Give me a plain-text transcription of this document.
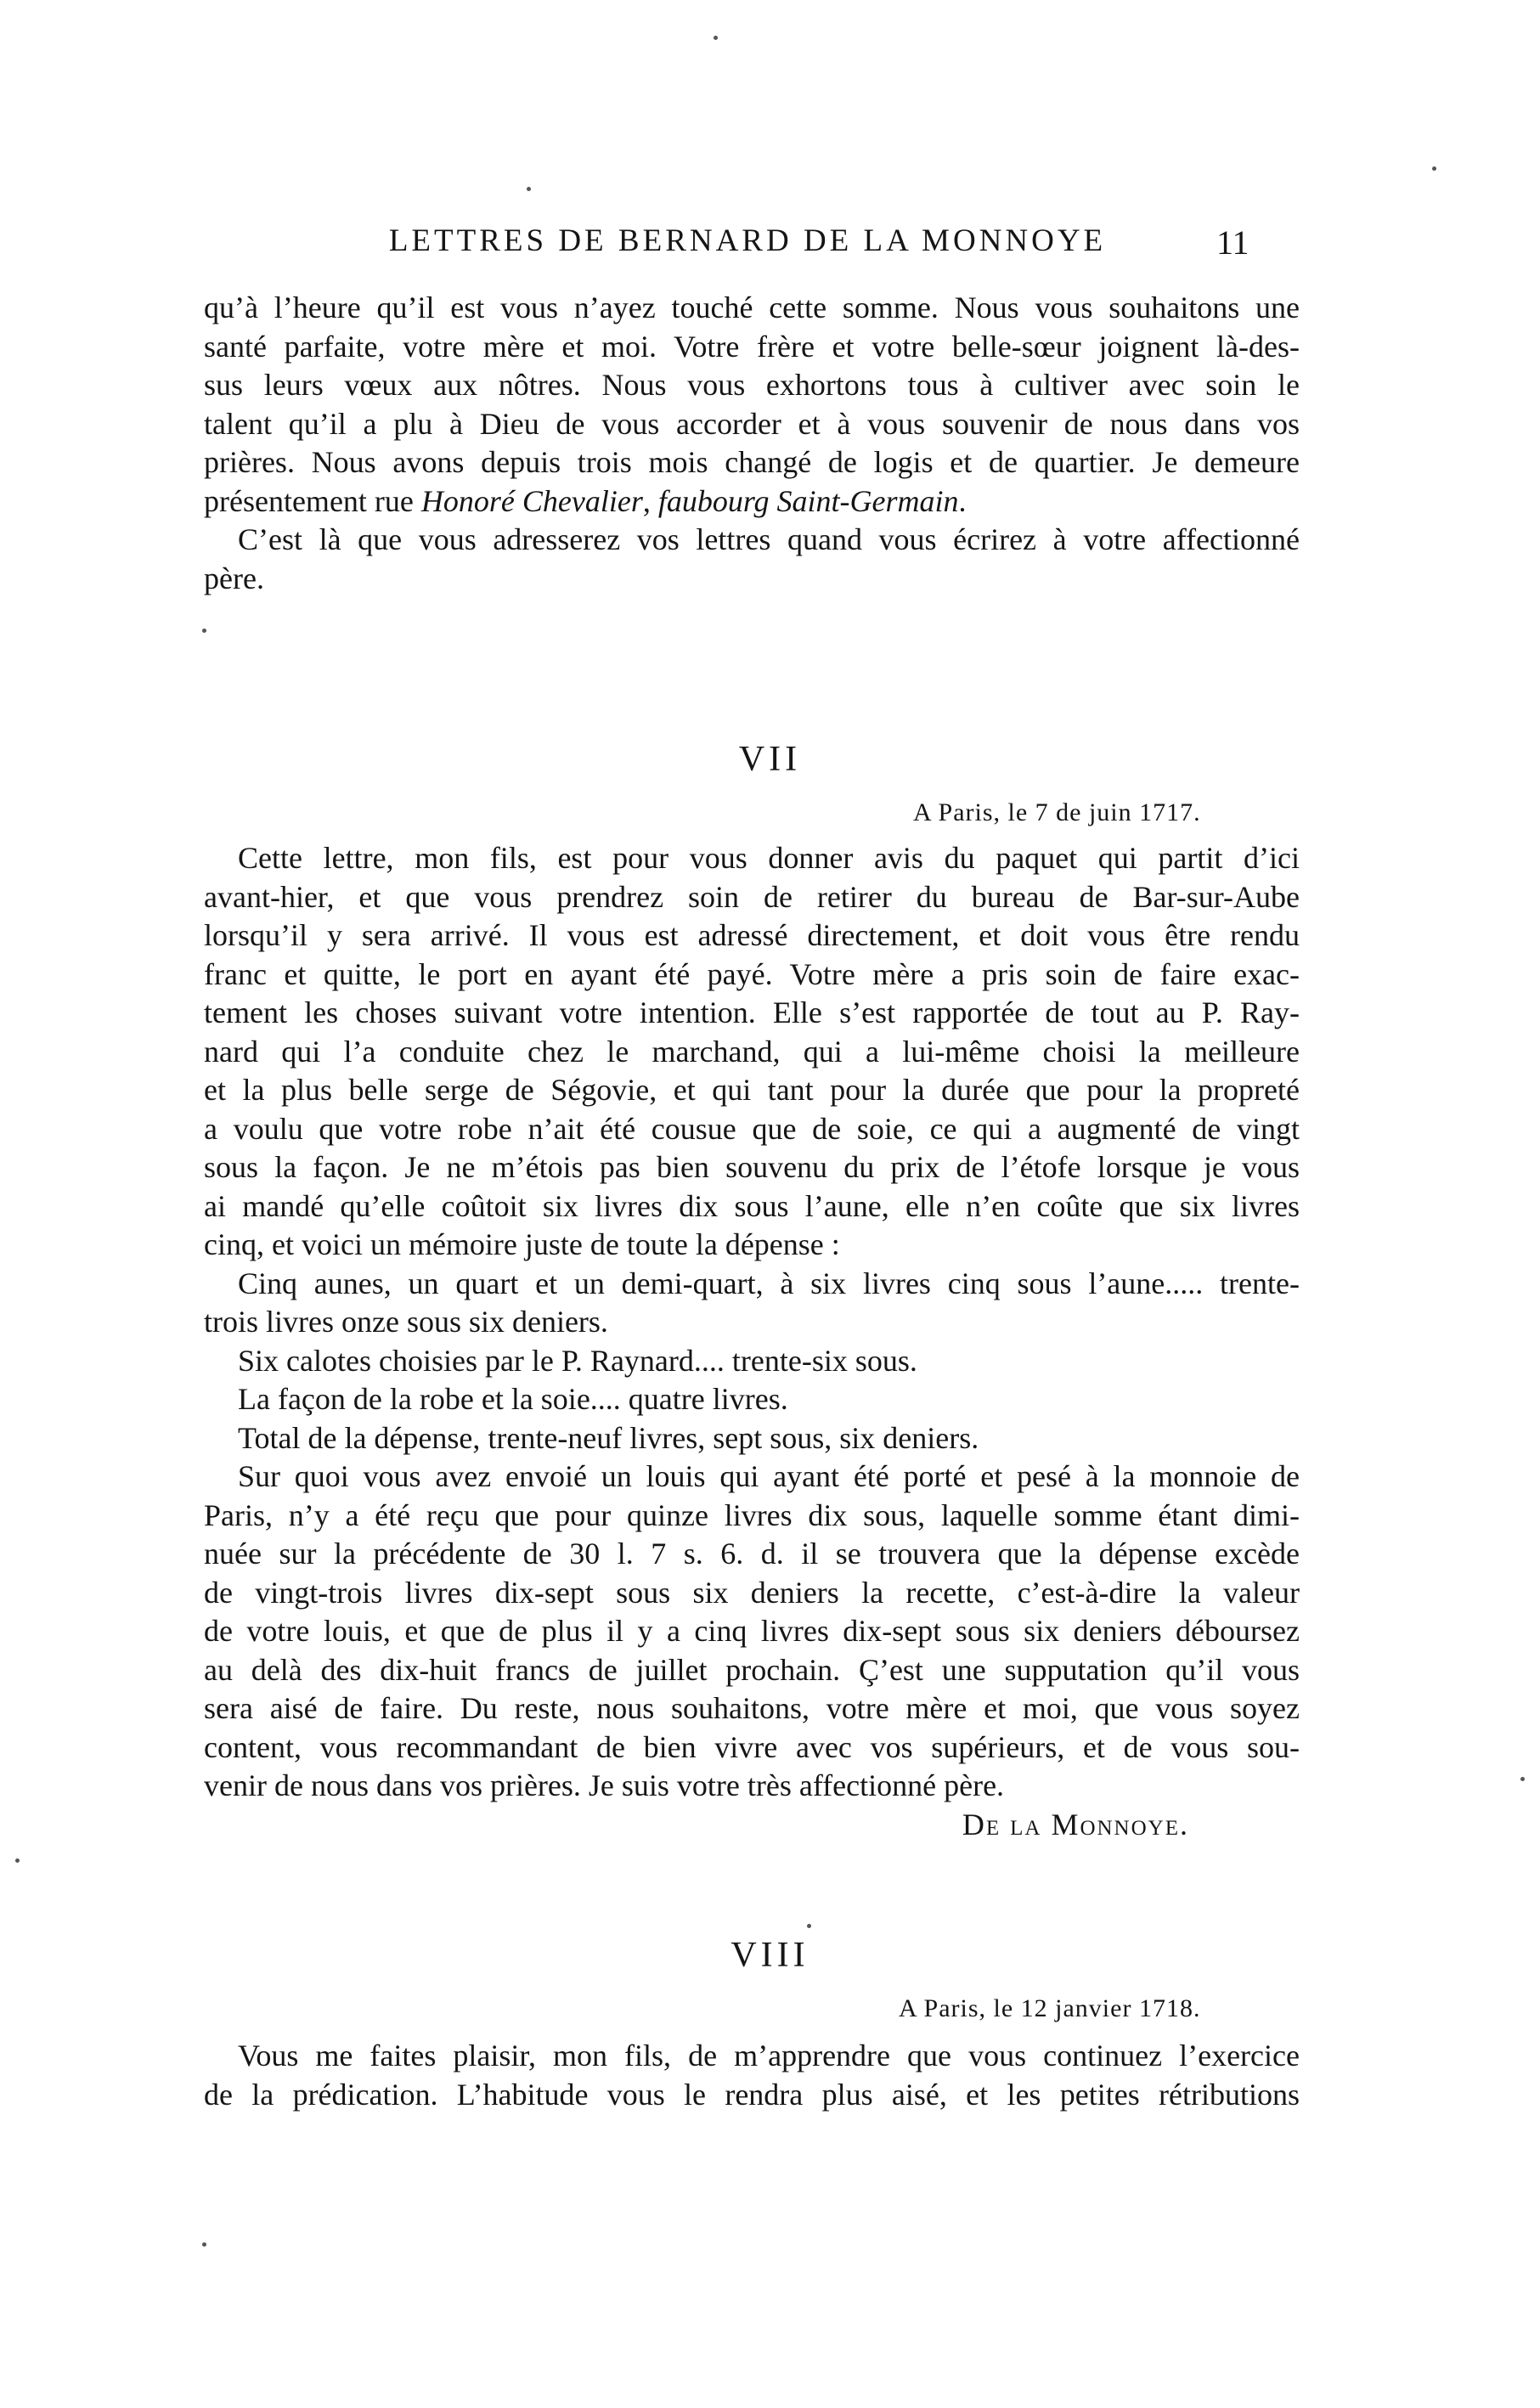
LETTRES DE BERNARD DE LA MONNOYE	11
qu’à l’heure qu’il est vous n’ayez touché cette somme. Nous vous souhaitons une
santé parfaite, votre mère et moi. Votre frère et votre belle-sœur joignent là-des-
sus leurs vœux aux nôtres. Nous vous exhortons tous à cultiver avec soin le
talent qu’il a plu à Dieu de vous accorder et à vous souvenir de nous dans vos
prières. Nous avons depuis trois mois changé de logis et de quartier. Je demeure
présentement rue Honoré Chevalier, faubourg Saint-Germain.
C’est là que vous adresserez vos lettres quand vous écrirez à votre affectionné
père.
VII
A Paris, le 7 de juin 1717.
Cette lettre, mon fils, est pour vous donner avis du paquet qui partit d’ici
avant-hier, et que vous prendrez soin de retirer du bureau de Bar-sur-Aube
lorsqu’il y sera arrivé. Il vous est adressé directement, et doit vous être rendu
franc et quitte, le port en ayant été payé. Votre mère a pris soin de faire exac-
tement les choses suivant votre intention. Elle s’est rapportée de tout au P. Ray-
nard qui l’a conduite chez le marchand, qui a lui-même choisi la meilleure
et la plus belle serge de Ségovie, et qui tant pour la durée que pour la propreté
a voulu que votre robe n’ait été cousue que de soie, ce qui a augmenté de vingt
sous la façon. Je ne m’étois pas bien souvenu du prix de l’étofe lorsque je vous
ai mandé qu’elle coûtoit six livres dix sous l’aune, elle n’en coûte que six livres
cinq, et voici un mémoire juste de toute la dépense :
Cinq aunes, un quart et un demi-quart, à six livres cinq sous l’aune..... trente-
trois livres onze sous six deniers.
Six calotes choisies par le P. Raynard.... trente-six sous.
La façon de la robe et la soie.... quatre livres.
Total de la dépense, trente-neuf livres, sept sous, six deniers.
Sur quoi vous avez envoié un louis qui ayant été porté et pesé à la monnoie de
Paris, n’y a été reçu que pour quinze livres dix sous, laquelle somme étant dimi-
nuée sur la précédente de 30 l. 7 s. 6. d. il se trouvera que la dépense excède
de vingt-trois livres dix-sept sous six deniers la recette, c’est-à-dire la valeur
de votre louis, et que de plus il y a cinq livres dix-sept sous six deniers déboursez
au delà des dix-huit francs de juillet prochain. Ç’est une supputation qu’il vous
sera aisé de faire. Du reste, nous souhaitons, votre mère et moi, que vous soyez
content, vous recommandant de bien vivre avec vos supérieurs, et de vous sou-
venir de nous dans vos prières. Je suis votre très affectionné père.
De la Monnoye.
VIII
A Paris, le 12 janvier 1718.
Vous me faites plaisir, mon fils, de m’apprendre que vous continuez l’exercice
de la prédication. L’habitude vous le rendra plus aisé, et les petites rétributions
